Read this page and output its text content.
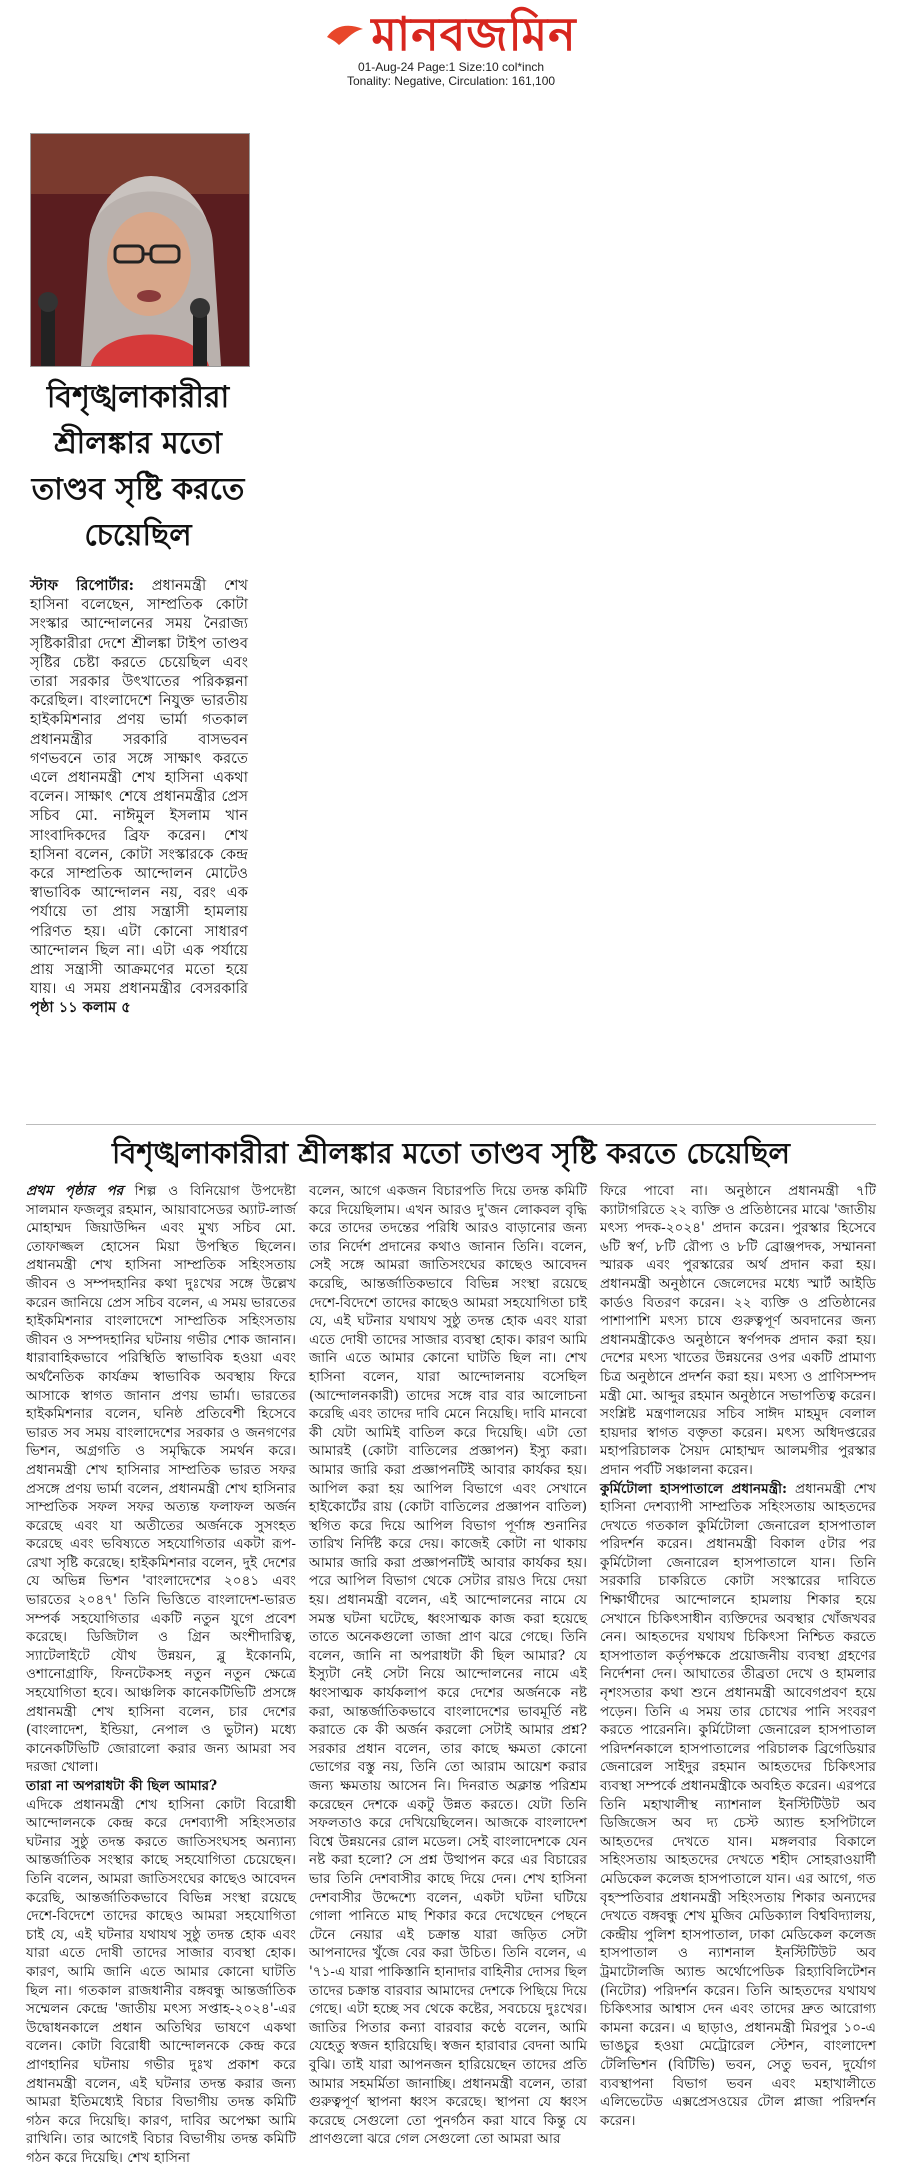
মানবজমিন
01-Aug-24 Page:1 Size:10 col*inch
Tonality: Negative, Circulation: 161,100
বিশৃঙ্খলাকারীরা শ্রীলঙ্কার মতো তাণ্ডব সৃষ্টি করতে চেয়েছিল

স্টাফ রিপোর্টার: প্রধানমন্ত্রী শেখ হাসিনা বলেছেন, সাম্প্রতিক কোটা সংস্কার আন্দোলনের সময় নৈরাজ্য সৃষ্টিকারীরা দেশে শ্রীলঙ্কা টাইপ তাণ্ডব সৃষ্টির চেষ্টা করতে চেয়েছিল এবং তারা সরকার উৎখাতের পরিকল্পনা করেছিল। বাংলাদেশে নিযুক্ত ভারতীয় হাইকমিশনার প্রণয় ভার্মা গতকাল প্রধানমন্ত্রীর সরকারি বাসভবন গণভবনে তার সঙ্গে সাক্ষাৎ করতে এলে প্রধানমন্ত্রী শেখ হাসিনা একথা বলেন। সাক্ষাৎ শেষে প্রধানমন্ত্রীর প্রেস সচিব মো. নাঈমুল ইসলাম খান সাংবাদিকদের ব্রিফ করেন। শেখ হাসিনা বলেন, কোটা সংস্কারকে কেন্দ্র করে সাম্প্রতিক আন্দোলন মোটেও স্বাভাবিক আন্দোলন নয়, বরং এক পর্যায়ে তা প্রায় সন্ত্রাসী হামলায় পরিণত হয়। এটা কোনো সাধারণ আন্দোলন ছিল না। এটা এক পর্যায়ে প্রায় সন্ত্রাসী আক্রমণের মতো হয়ে যায়। এ সময় প্রধানমন্ত্রীর বেসরকারি পৃষ্ঠা ১১ কলাম ৫

বিশৃঙ্খলাকারীরা শ্রীলঙ্কার মতো তাণ্ডব সৃষ্টি করতে চেয়েছিল

প্রথম পৃষ্ঠার পর শিল্প ও বিনিয়োগ উপদেষ্টা সালমান ফজলুর রহমান, আয়াবাসেডর অ্যাট-লার্জ মোহাম্মদ জিয়াউদ্দিন এবং মুখ্য সচিব মো. তোফাজ্জল হোসেন মিয়া উপস্থিত ছিলেন। প্রধানমন্ত্রী শেখ হাসিনা সাম্প্রতিক সহিংসতায় জীবন ও সম্পদহানির কথা দুঃখের সঙ্গে উল্লেখ করেন জানিয়ে প্রেস সচিব বলেন, এ সময় ভারতের হাইকমিশনার বাংলাদেশে সাম্প্রতিক সহিংসতায় জীবন ও সম্পদহানির ঘটনায় গভীর শোক জানান। ধারাবাহিকভাবে পরিস্থিতি স্বাভাবিক হওয়া এবং অর্থনৈতিক কার্যক্রম স্বাভাবিক অবস্থায় ফিরে আসাকে স্বাগত জানান প্রণয় ভার্মা। ভারতের হাইকমিশনার বলেন, ঘনিষ্ঠ প্রতিবেশী হিসেবে ভারত সব সময় বাংলাদেশের সরকার ও জনগণের ভিশন, অগ্রগতি ও সমৃদ্ধিকে সমর্থন করে। প্রধানমন্ত্রী শেখ হাসিনার সাম্প্রতিক ভারত সফর প্রসঙ্গে প্রণয় ভার্মা বলেন, প্রধানমন্ত্রী শেখ হাসিনার সাম্প্রতিক সফল সফর অত্যন্ত ফলাফল অর্জন করেছে এবং যা অতীতের অর্জনকে সুসংহত করেছে এবং ভবিষ্যতে সহযোগিতার একটা রূপ-রেখা সৃষ্টি করেছে। হাইকমিশনার বলেন, দুই দেশের যে অভিন্ন ভিশন 'বাংলাদেশের ২০৪১ এবং ভারতের ২০৪৭' তিনি ভিত্তিতে বাংলাদেশ-ভারত সম্পর্ক সহযোগিতার একটি নতুন যুগে প্রবেশ করেছে। ডিজিটাল ও গ্রিন অংশীদারিত্ব, স্যাটেলাইটে যৌথ উন্নয়ন, ব্লু ইকোনমি, ওশানোগ্রাফি, ফিনটেকসহ নতুন নতুন ক্ষেত্রে সহযোগিতা হবে। আঞ্চলিক কানেকটিভিটি প্রসঙ্গে প্রধানমন্ত্রী শেখ হাসিনা বলেন, চার দেশের (বাংলাদেশ, ইন্ডিয়া, নেপাল ও ভুটান) মধ্যে কানেকটিভিটি জোরালো করার জন্য আমরা সব দরজা খোলা।

তারা না অপরাধটা কী ছিল আমার?

এদিকে প্রধানমন্ত্রী শেখ হাসিনা কোটা বিরোধী আন্দোলনকে কেন্দ্র করে দেশব্যাপী সহিংসতার ঘটনার সুষ্ঠু তদন্ত করতে জাতিসংঘসহ অন্যান্য আন্তর্জাতিক সংস্থার কাছে সহযোগিতা চেয়েছেন। তিনি বলেন, আমরা জাতিসংঘের কাছেও আবেদন করেছি, আন্তর্জাতিকভাবে বিভিন্ন সংস্থা রয়েছে দেশে-বিদেশে তাদের কাছেও আমরা সহযোগিতা চাই যে, এই ঘটনার যথাযথ সুষ্ঠু তদন্ত হোক এবং যারা এতে দোষী তাদের সাজার ব্যবস্থা হোক। কারণ, আমি জানি এতে আমার কোনো ঘাটতি ছিল না। গতকাল রাজধানীর বঙ্গবন্ধু আন্তর্জাতিক সম্মেলন কেন্দ্রে 'জাতীয় মৎস্য সপ্তাহ-২০২৪'-এর উদ্বোধনকালে প্রধান অতিথির ভাষণে একথা বলেন। কোটা বিরোধী আন্দোলনকে কেন্দ্র করে প্রাণহানির ঘটনায় গভীর দুঃখ প্রকাশ করে প্রধানমন্ত্রী বলেন, এই ঘটনার তদন্ত করার জন্য আমরা ইতিমধ্যেই বিচার বিভাগীয় তদন্ত কমিটি গঠন করে দিয়েছি। কারণ, দাবির অপেক্ষা আমি রাখিনি। তার আগেই বিচার বিভাগীয় তদন্ত কমিটি গঠন করে দিয়েছি। শেখ হাসিনা

বলেন, আগে একজন বিচারপতি দিয়ে তদন্ত কমিটি করে দিয়েছিলাম। এখন আরও দু'জন লোকবল বৃদ্ধি করে তাদের তদন্তের পরিধি আরও বাড়ানোর জন্য তার নির্দেশ প্রদানের কথাও জানান তিনি। বলেন, সেই সঙ্গে আমরা জাতিসংঘের কাছেও আবেদন করেছি, আন্তর্জাতিকভাবে বিভিন্ন সংস্থা রয়েছে দেশে-বিদেশে তাদের কাছেও আমরা সহযোগিতা চাই যে, এই ঘটনার যথাযথ সুষ্ঠু তদন্ত হোক এবং যারা এতে দোষী তাদের সাজার ব্যবস্থা হোক। কারণ আমি জানি এতে আমার কোনো ঘাটতি ছিল না। শেখ হাসিনা বলেন, যারা আন্দোলনায় বসেছিল (আন্দোলনকারী) তাদের সঙ্গে বার বার আলোচনা করেছি এবং তাদের দাবি মেনে নিয়েছি। দাবি মানবো কী যেটা আমিই বাতিল করে দিয়েছি। এটা তো আমারই (কোটা বাতিলের প্রজ্ঞাপন) ইস্যু করা। আমার জারি করা প্রজ্ঞাপনটিই আবার কার্যকর হয়। আপিল করা হয় আপিল বিভাগে এবং সেখানে হাইকোর্টের রায় (কোটা বাতিলের প্রজ্ঞাপন বাতিল) স্থগিত করে দিয়ে আপিল বিভাগ পূর্ণাঙ্গ শুনানির তারিখ নির্দিষ্ট করে দেয়। কাজেই কোটা না থাকায় আমার জারি করা প্রজ্ঞাপনটিই আবার কার্যকর হয়। পরে আপিল বিভাগ থেকে সেটার রায়ও দিয়ে দেয়া হয়। প্রধানমন্ত্রী বলেন, এই আন্দোলনের নামে যে সমস্ত ঘটনা ঘটেছে, ধ্বংসাত্মক কাজ করা হয়েছে তাতে অনেকগুলো তাজা প্রাণ ঝরে গেছে। তিনি বলেন, জানি না অপরাধটা কী ছিল আমার? যে ইস্যুটা নেই সেটা নিয়ে আন্দোলনের নামে এই ধ্বংসাত্মক কার্যকলাপ করে দেশের অর্জনকে নষ্ট করা, আন্তর্জাতিকভাবে বাংলাদেশের ভাবমূর্তি নষ্ট করাতে কে কী অর্জন করলো সেটাই আমার প্রশ্ন? সরকার প্রধান বলেন, তার কাছে ক্ষমতা কোনো ভোগের বস্তু নয়, তিনি তো আরাম আয়েশ করার জন্য ক্ষমতায় আসেন নি। দিনরাত অক্লান্ত পরিশ্রম করেছেন দেশকে একটু উন্নত করতে। যেটা তিনি সফলতাও করে দেখিয়েছিলেন। আজকে বাংলাদেশ বিশ্বে উন্নয়নের রোল মডেল। সেই বাংলাদেশকে যেন নষ্ট করা হলো? সে প্রশ্ন উত্থাপন করে এর বিচারের ভার তিনি দেশবাসীর কাছে দিয়ে দেন। শেখ হাসিনা দেশবাসীর উদ্দেশ্যে বলেন, একটা ঘটনা ঘটিয়ে গোলা পানিতে মাছ শিকার করে দেখেছেন পেছনে টেনে নেয়ার এই চক্রান্ত যারা জড়িত সেটা আপনাদের খুঁজে বের করা উচিত। তিনি বলেন, এ '৭১-এ যারা পাকিস্তানি হানাদার বাহিনীর দোসর ছিল তাদের চক্রান্ত বারবার আমাদের দেশকে পিছিয়ে দিয়ে গেছে। এটা হচ্ছে সব থেকে কষ্টের, সবচেয়ে দুঃখের। জাতির পিতার কন্যা বারবার কণ্ঠে বলেন, আমি যেহেতু স্বজন হারিয়েছি। স্বজন হারাবার বেদনা আমি বুঝি। তাই যারা আপনজন হারিয়েছেন তাদের প্রতি আমার সহমর্মিতা জানাচ্ছি। প্রধানমন্ত্রী বলেন, তারা গুরুত্বপূর্ণ স্থাপনা ধ্বংস করেছে। স্থাপনা যে ধ্বংস করেছে সেগুলো তো পুনর্গঠন করা যাবে কিন্তু যে প্রাণগুলো ঝরে গেল সেগুলো তো আমরা আর

ফিরে পাবো না। অনুষ্ঠানে প্রধানমন্ত্রী ৭টি ক্যাটাগরিতে ২২ ব্যক্তি ও প্রতিষ্ঠানের মাঝে 'জাতীয় মৎস্য পদক-২০২৪' প্রদান করেন। পুরস্কার হিসেবে ৬টি স্বর্ণ, ৮টি রৌপ্য ও ৮টি ব্রোঞ্জপদক, সম্মাননা স্মারক এবং পুরস্কারের অর্থ প্রদান করা হয়। প্রধানমন্ত্রী অনুষ্ঠানে জেলেদের মধ্যে স্মার্ট আইডি কার্ডও বিতরণ করেন। ২২ ব্যক্তি ও প্রতিষ্ঠানের পাশাপাশি মৎস্য চাষে গুরুত্বপূর্ণ অবদানের জন্য প্রধানমন্ত্রীকেও অনুষ্ঠানে স্বর্ণপদক প্রদান করা হয়। দেশের মৎস্য খাতের উন্নয়নের ওপর একটি প্রামাণ্য চিত্র অনুষ্ঠানে প্রদর্শন করা হয়। মৎস্য ও প্রাণিসম্পদ মন্ত্রী মো. আব্দুর রহমান অনুষ্ঠানে সভাপতিত্ব করেন। সংশ্লিষ্ট মন্ত্রণালয়ের সচিব সাঈদ মাহমুদ বেলাল হায়দার স্বাগত বক্তৃতা করেন। মৎস্য অধিদপ্তরের মহাপরিচালক সৈয়দ মোহাম্মদ আলমগীর পুরস্কার প্রদান পর্বটি সঞ্চালনা করেন।

কুর্মিটোলা হাসপাতালে প্রধানমন্ত্রী: প্রধানমন্ত্রী শেখ হাসিনা দেশব্যাপী সাম্প্রতিক সহিংসতায় আহতদের দেখতে গতকাল কুর্মিটোলা জেনারেল হাসপাতাল পরিদর্শন করেন। প্রধানমন্ত্রী বিকাল ৫টার পর কুর্মিটোলা জেনারেল হাসপাতালে যান। তিনি সরকারি চাকরিতে কোটা সংস্কারের দাবিতে শিক্ষার্থীদের আন্দোলনে হামলায় শিকার হয়ে সেখানে চিকিৎসাধীন ব্যক্তিদের অবস্থার খোঁজখবর নেন। আহতদের যথাযথ চিকিৎসা নিশ্চিত করতে হাসপাতাল কর্তৃপক্ষকে প্রয়োজনীয় ব্যবস্থা গ্রহণের নির্দেশনা দেন। আঘাতের তীব্রতা দেখে ও হামলার নৃশংসতার কথা শুনে প্রধানমন্ত্রী আবেগপ্রবণ হয়ে পড়েন। তিনি এ সময় তার চোখের পানি সংবরণ করতে পারেননি। কুর্মিটোলা জেনারেল হাসপাতাল পরিদর্শনকালে হাসপাতালের পরিচালক ব্রিগেডিয়ার জেনারেল সাইদুর রহমান আহতদের চিকিৎসার ব্যবস্থা সম্পর্কে প্রধানমন্ত্রীকে অবহিত করেন। এরপরে তিনি মহাখালীস্থ ন্যাশনাল ইনস্টিটিউট অব ডিজিজেস অব দ্য চেস্ট অ্যান্ড হসপিটালে আহতদের দেখতে যান। মঙ্গলবার বিকালে সহিংসতায় আহতদের দেখতে শহীদ সোহরাওয়ার্দী মেডিকেল কলেজ হাসপাতালে যান। এর আগে, গত বৃহস্পতিবার প্রধানমন্ত্রী সহিংসতায় শিকার অন্যদের দেখতে বঙ্গবন্ধু শেখ মুজিব মেডিক্যাল বিশ্ববিদ্যালয়, কেন্দ্রীয় পুলিশ হাসপাতাল, ঢাকা মেডিকেল কলেজ হাসপাতাল ও ন্যাশনাল ইনস্টিটিউট অব ট্রমাটোলজি অ্যান্ড অর্থোপেডিক রিহ্যাবিলিটেশন (নিটোর) পরিদর্শন করেন। তিনি আহতদের যথাযথ চিকিৎসার আশ্বাস দেন এবং তাদের দ্রুত আরোগ্য কামনা করেন। এ ছাড়াও, প্রধানমন্ত্রী মিরপুর ১০-এ ভাঙচুর হওয়া মেট্রোরেল স্টেশন, বাংলাদেশ টেলিভিশন (বিটিভি) ভবন, সেতু ভবন, দুর্যোগ ব্যবস্থাপনা বিভাগ ভবন এবং মহাখালীতে এলিভেটেড এক্সপ্রেসওয়ের টোল প্লাজা পরিদর্শন করেন।
